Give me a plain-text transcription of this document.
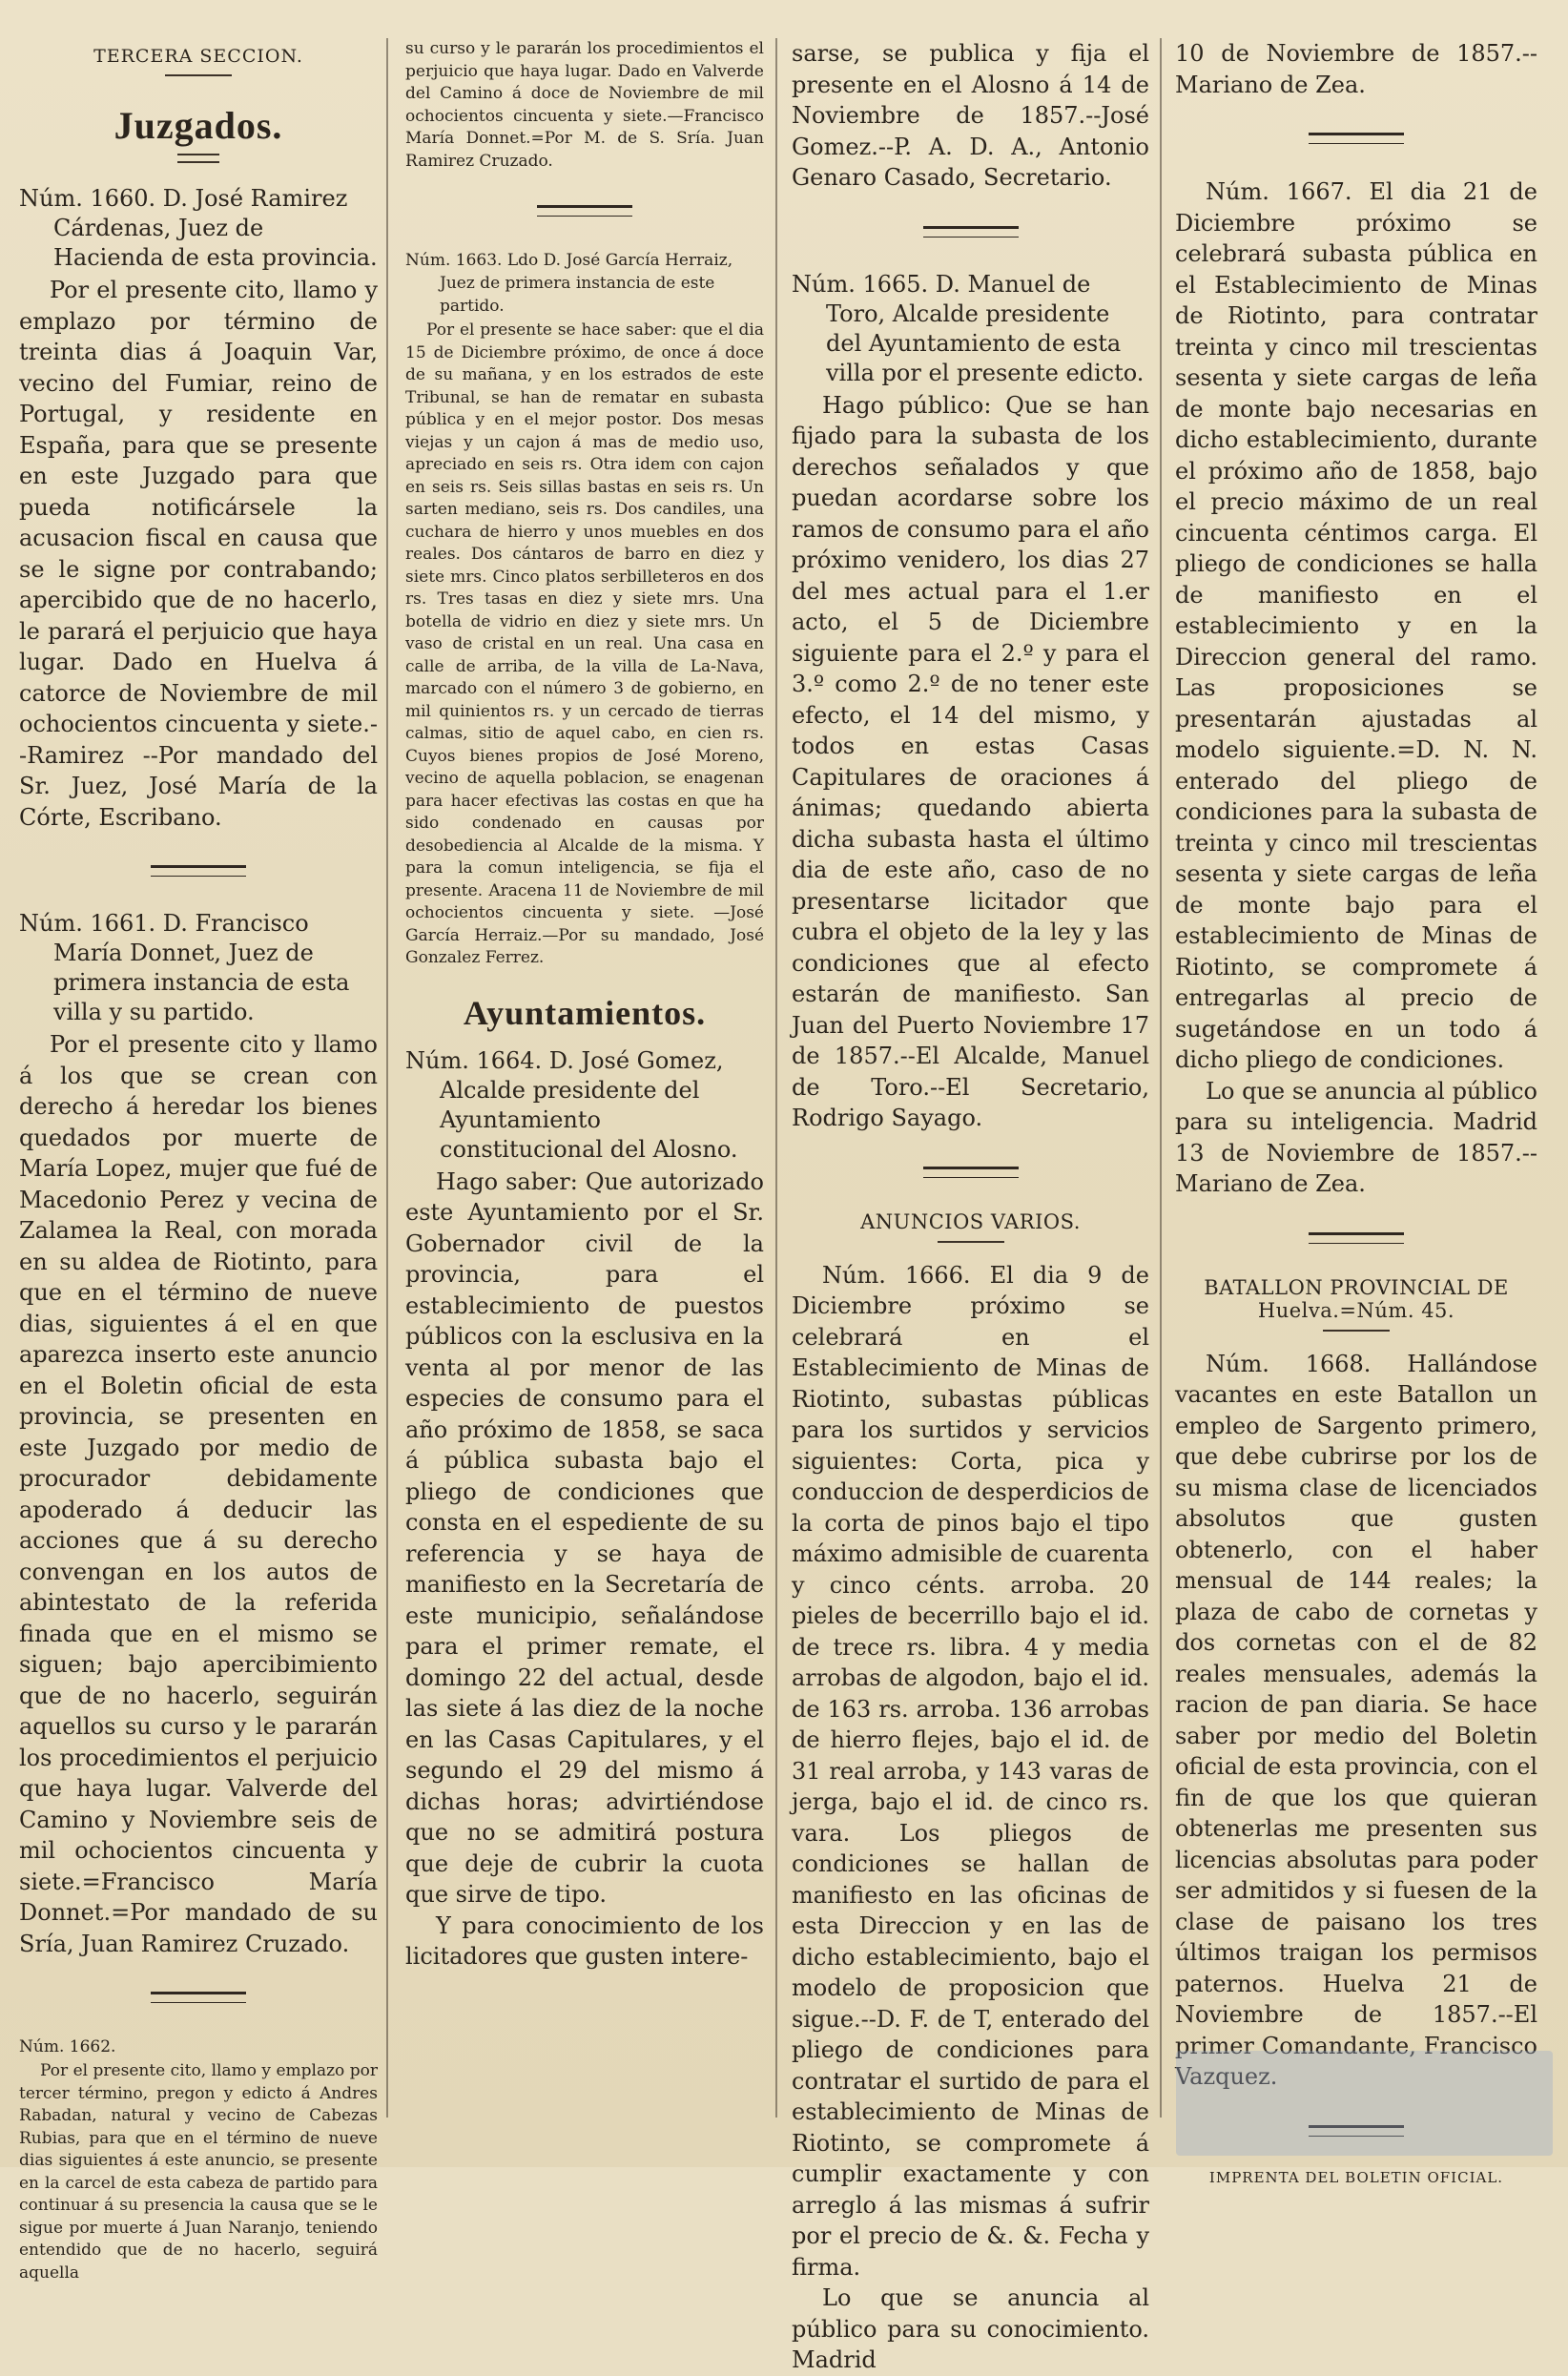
TERCERA SECCION.
Juzgados.

Núm. 1660. D. José Ramirez Cárdenas, Juez de Hacienda de esta provincia.

Por el presente cito, llamo y emplazo por término de treinta dias á Joaquin Var, vecino del Fumiar, reino de Portugal, y residente en España, para que se presente en este Juzgado para que pueda notificársele la acusacion fiscal en causa que se le signe por contrabando; apercibido que de no hacerlo, le parará el perjuicio que haya lugar. Dado en Huelva á catorce de Noviembre de mil ochocientos cincuenta y siete.--Ramirez --Por mandado del Sr. Juez, José María de la Córte, Escribano.

Núm. 1661. D. Francisco María Donnet, Juez de primera instancia de esta villa y su partido.

Por el presente cito y llamo á los que se crean con derecho á heredar los bienes quedados por muerte de María Lopez, mujer que fué de Macedonio Perez y vecina de Zalamea la Real, con morada en su aldea de Riotinto, para que en el término de nueve dias, siguientes á el en que aparezca inserto este anuncio en el Boletin oficial de esta provincia, se presenten en este Juzgado por medio de procurador debidamente apoderado á deducir las acciones que á su derecho convengan en los autos de abintestato de la referida finada que en el mismo se siguen; bajo apercibimiento que de no hacerlo, seguirán aquellos su curso y le pararán los procedimientos el perjuicio que haya lugar. Valverde del Camino y Noviembre seis de mil ochocientos cincuenta y siete.=Francisco María Donnet.=Por mandado de su Sría, Juan Ramirez Cruzado.

Núm. 1662.

Por el presente cito, llamo y emplazo por tercer término, pregon y edicto á Andres Rabadan, natural y vecino de Cabezas Rubias, para que en el término de nueve dias siguientes á este anuncio, se presente en la carcel de esta cabeza de partido para continuar á su presencia la causa que se le sigue por muerte á Juan Naranjo, teniendo entendido que de no hacerlo, seguirá aquella

su curso y le pararán los procedimientos el perjuicio que haya lugar. Dado en Valverde del Camino á doce de Noviembre de mil ochocientos cincuenta y siete.—Francisco María Donnet.=Por M. de S. Sría. Juan Ramirez Cruzado.

Núm. 1663. Ldo D. José García Herraiz, Juez de primera instancia de este partido.

Por el presente se hace saber: que el dia 15 de Diciembre próximo, de once á doce de su mañana, y en los estrados de este Tribunal, se han de rematar en subasta pública y en el mejor postor. Dos mesas viejas y un cajon á mas de medio uso, apreciado en seis rs. Otra idem con cajon en seis rs. Seis sillas bastas en seis rs. Un sarten mediano, seis rs. Dos candiles, una cuchara de hierro y unos muebles en dos reales. Dos cántaros de barro en diez y siete mrs. Cinco platos serbilleteros en dos rs. Tres tasas en diez y siete mrs. Una botella de vidrio en diez y siete mrs. Un vaso de cristal en un real. Una casa en calle de arriba, de la villa de La-Nava, marcado con el número 3 de gobierno, en mil quinientos rs. y un cercado de tierras calmas, sitio de aquel cabo, en cien rs. Cuyos bienes propios de José Moreno, vecino de aquella poblacion, se enagenan para hacer efectivas las costas en que ha sido condenado en causas por desobediencia al Alcalde de la misma. Y para la comun inteligencia, se fija el presente. Aracena 11 de Noviembre de mil ochocientos cincuenta y siete. —José García Herraiz.—Por su mandado, José Gonzalez Ferrez.

Ayuntamientos.

Núm. 1664. D. José Gomez, Alcalde presidente del Ayuntamiento constitucional del Alosno.

Hago saber: Que autorizado este Ayuntamiento por el Sr. Gobernador civil de la provincia, para el establecimiento de puestos públicos con la esclusiva en la venta al por menor de las especies de consumo para el año próximo de 1858, se saca á pública subasta bajo el pliego de condiciones que consta en el espediente de su referencia y se haya de manifiesto en la Secretaría de este municipio, señalándose para el primer remate, el domingo 22 del actual, desde las siete á las diez de la noche en las Casas Capitulares, y el segundo el 29 del mismo á dichas horas; advirtiéndose que no se admitirá postura que deje de cubrir la cuota que sirve de tipo.

Y para conocimiento de los licitadores que gusten intere-

sarse, se publica y fija el presente en el Alosno á 14 de Noviembre de 1857.--José Gomez.--P. A. D. A., Antonio Genaro Casado, Secretario.

Núm. 1665. D. Manuel de Toro, Alcalde presidente del Ayuntamiento de esta villa por el presente edicto.

Hago público: Que se han fijado para la subasta de los derechos señalados y que puedan acordarse sobre los ramos de consumo para el año próximo venidero, los dias 27 del mes actual para el 1.er acto, el 5 de Diciembre siguiente para el 2.º y para el 3.º como 2.º de no tener este efecto, el 14 del mismo, y todos en estas Casas Capitulares de oraciones á ánimas; quedando abierta dicha subasta hasta el último dia de este año, caso de no presentarse licitador que cubra el objeto de la ley y las condiciones que al efecto estarán de manifiesto. San Juan del Puerto Noviembre 17 de 1857.--El Alcalde, Manuel de Toro.--El Secretario, Rodrigo Sayago.

ANUNCIOS VARIOS.

Núm. 1666. El dia 9 de Diciembre próximo se celebrará en el Establecimiento de Minas de Riotinto, subastas públicas para los surtidos y servicios siguientes: Corta, pica y conduccion de desperdicios de la corta de pinos bajo el tipo máximo admisible de cuarenta y cinco cénts. arroba. 20 pieles de becerrillo bajo el id. de trece rs. libra. 4 y media arrobas de algodon, bajo el id. de 163 rs. arroba. 136 arrobas de hierro flejes, bajo el id. de 31 real arroba, y 143 varas de jerga, bajo el id. de cinco rs. vara. Los pliegos de condiciones se hallan de manifiesto en las oficinas de esta Direccion y en las de dicho establecimiento, bajo el modelo de proposicion que sigue.--D. F. de T, enterado del pliego de condiciones para contratar el surtido de para el establecimiento de Minas de Riotinto, se compromete á cumplir exactamente y con arreglo á las mismas á sufrir por el precio de &. &. Fecha y firma.

Lo que se anuncia al público para su conocimiento. Madrid

10 de Noviembre de 1857.--Mariano de Zea.

Núm. 1667. El dia 21 de Diciembre próximo se celebrará subasta pública en el Establecimiento de Minas de Riotinto, para contratar treinta y cinco mil trescientas sesenta y siete cargas de leña de monte bajo necesarias en dicho establecimiento, durante el próximo año de 1858, bajo el precio máximo de un real cincuenta céntimos carga. El pliego de condiciones se halla de manifiesto en el establecimiento y en la Direccion general del ramo. Las proposiciones se presentarán ajustadas al modelo siguiente.=D. N. N. enterado del pliego de condiciones para la subasta de treinta y cinco mil trescientas sesenta y siete cargas de leña de monte bajo para el establecimiento de Minas de Riotinto, se compromete á entregarlas al precio de sugetándose en un todo á dicho pliego de condiciones.

Lo que se anuncia al público para su inteligencia. Madrid 13 de Noviembre de 1857.--Mariano de Zea.

BATALLON PROVINCIAL DE Huelva.=Núm. 45.

Núm. 1668. Hallándose vacantes en este Batallon un empleo de Sargento primero, que debe cubrirse por los de su misma clase de licenciados absolutos que gusten obtenerlo, con el haber mensual de 144 reales; la plaza de cabo de cornetas y dos cornetas con el de 82 reales mensuales, además la racion de pan diaria. Se hace saber por medio del Boletin oficial de esta provincia, con el fin de que los que quieran obtenerlas me presenten sus licencias absolutas para poder ser admitidos y si fuesen de la clase de paisano los tres últimos traigan los permisos paternos. Huelva 21 de Noviembre de 1857.--El primer Comandante, Francisco Vazquez.

IMPRENTA DEL BOLETIN OFICIAL.
